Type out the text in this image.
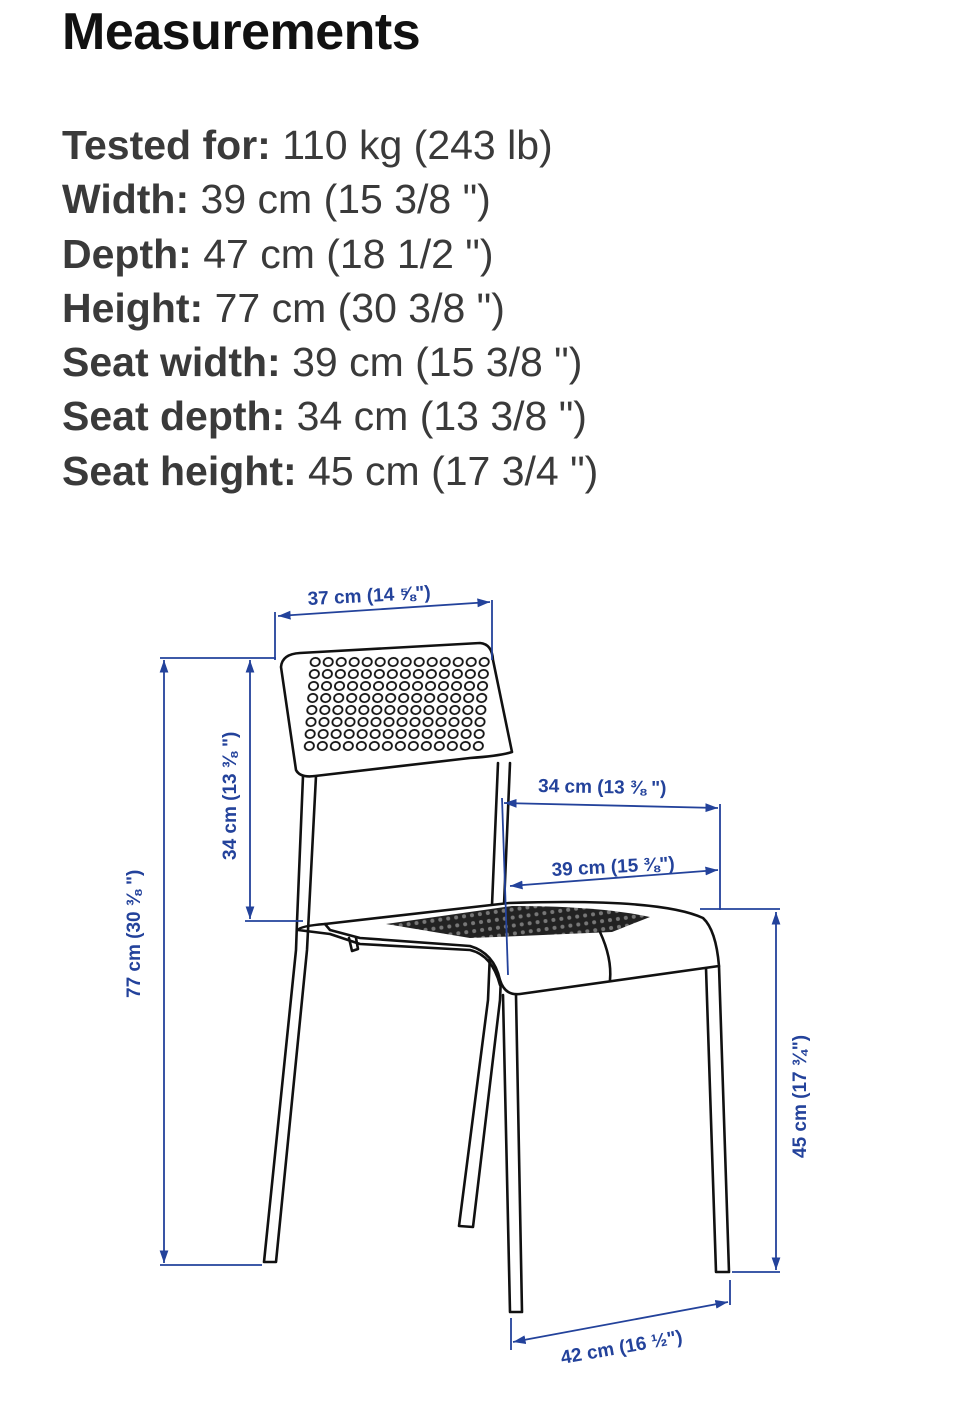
Measurements
Tested for: 110 kg (243 lb)
Width: 39 cm (15 3/8 ")
Depth: 47 cm (18 1/2 ")
Height: 77 cm (30 3/8 ")
Seat width: 39 cm (15 3/8 ")
Seat depth: 34 cm (13 3/8 ")
Seat height: 45 cm (17 3/4 ")
37 cm (14 ⅝")
34 cm (13 ⅜ ")
77 cm (30 ⅜ ")
34 cm (13 ⅜ ")
39 cm (15 ⅜")
45 cm (17 ¾")
42 cm (16 ½")
